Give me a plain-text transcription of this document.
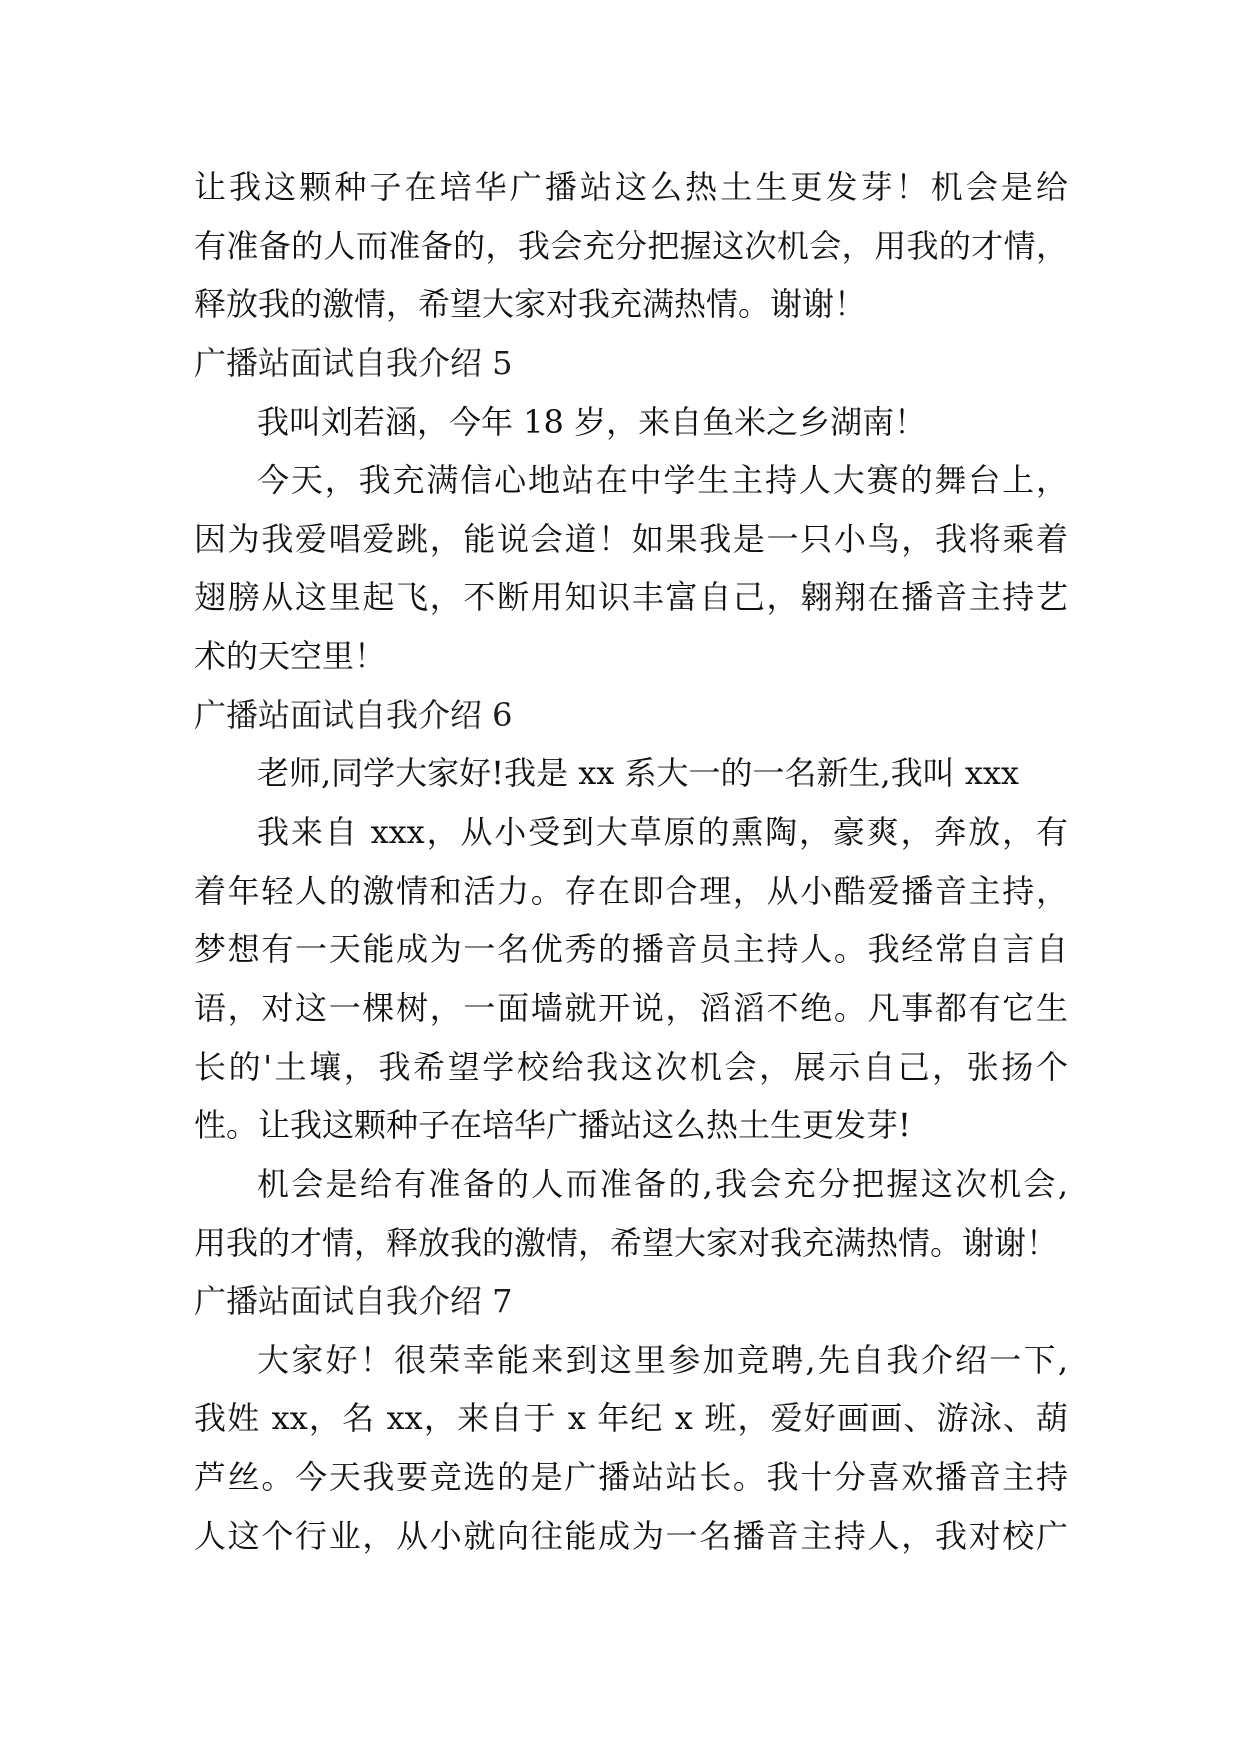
让我这颗种子在培华广播站这么热土生更发芽！机会是给
有准备的人而准备的，我会充分把握这次机会，用我的才情，
释放我的激情，希望大家对我充满热情。谢谢！
广播站面试自我介绍 5
我叫刘若涵，今年 18 岁，来自鱼米之乡湖南！
今天，我充满信心地站在中学生主持人大赛的舞台上，
因为我爱唱爱跳，能说会道！如果我是一只小鸟，我将乘着
翅膀从这里起飞，不断用知识丰富自己，翱翔在播音主持艺
术的天空里！
广播站面试自我介绍 6
老师,同学大家好!我是 xx 系大一的一名新生,我叫 xxx
我来自 xxx，从小受到大草原的熏陶，豪爽，奔放，有
着年轻人的激情和活力。存在即合理，从小酷爱播音主持，
梦想有一天能成为一名优秀的播音员主持人。我经常自言自
语，对这一棵树，一面墙就开说，滔滔不绝。凡事都有它生
长的'土壤，我希望学校给我这次机会，展示自己，张扬个
性。让我这颗种子在培华广播站这么热土生更发芽!
机会是给有准备的人而准备的,我会充分把握这次机会,
用我的才情，释放我的激情，希望大家对我充满热情。谢谢！
广播站面试自我介绍 7
大家好！很荣幸能来到这里参加竞聘,先自我介绍一下,
我姓 xx，名 xx，来自于 x 年纪 x 班，爱好画画、游泳、葫
芦丝。今天我要竞选的是广播站站长。我十分喜欢播音主持
人这个行业，从小就向往能成为一名播音主持人，我对校广
